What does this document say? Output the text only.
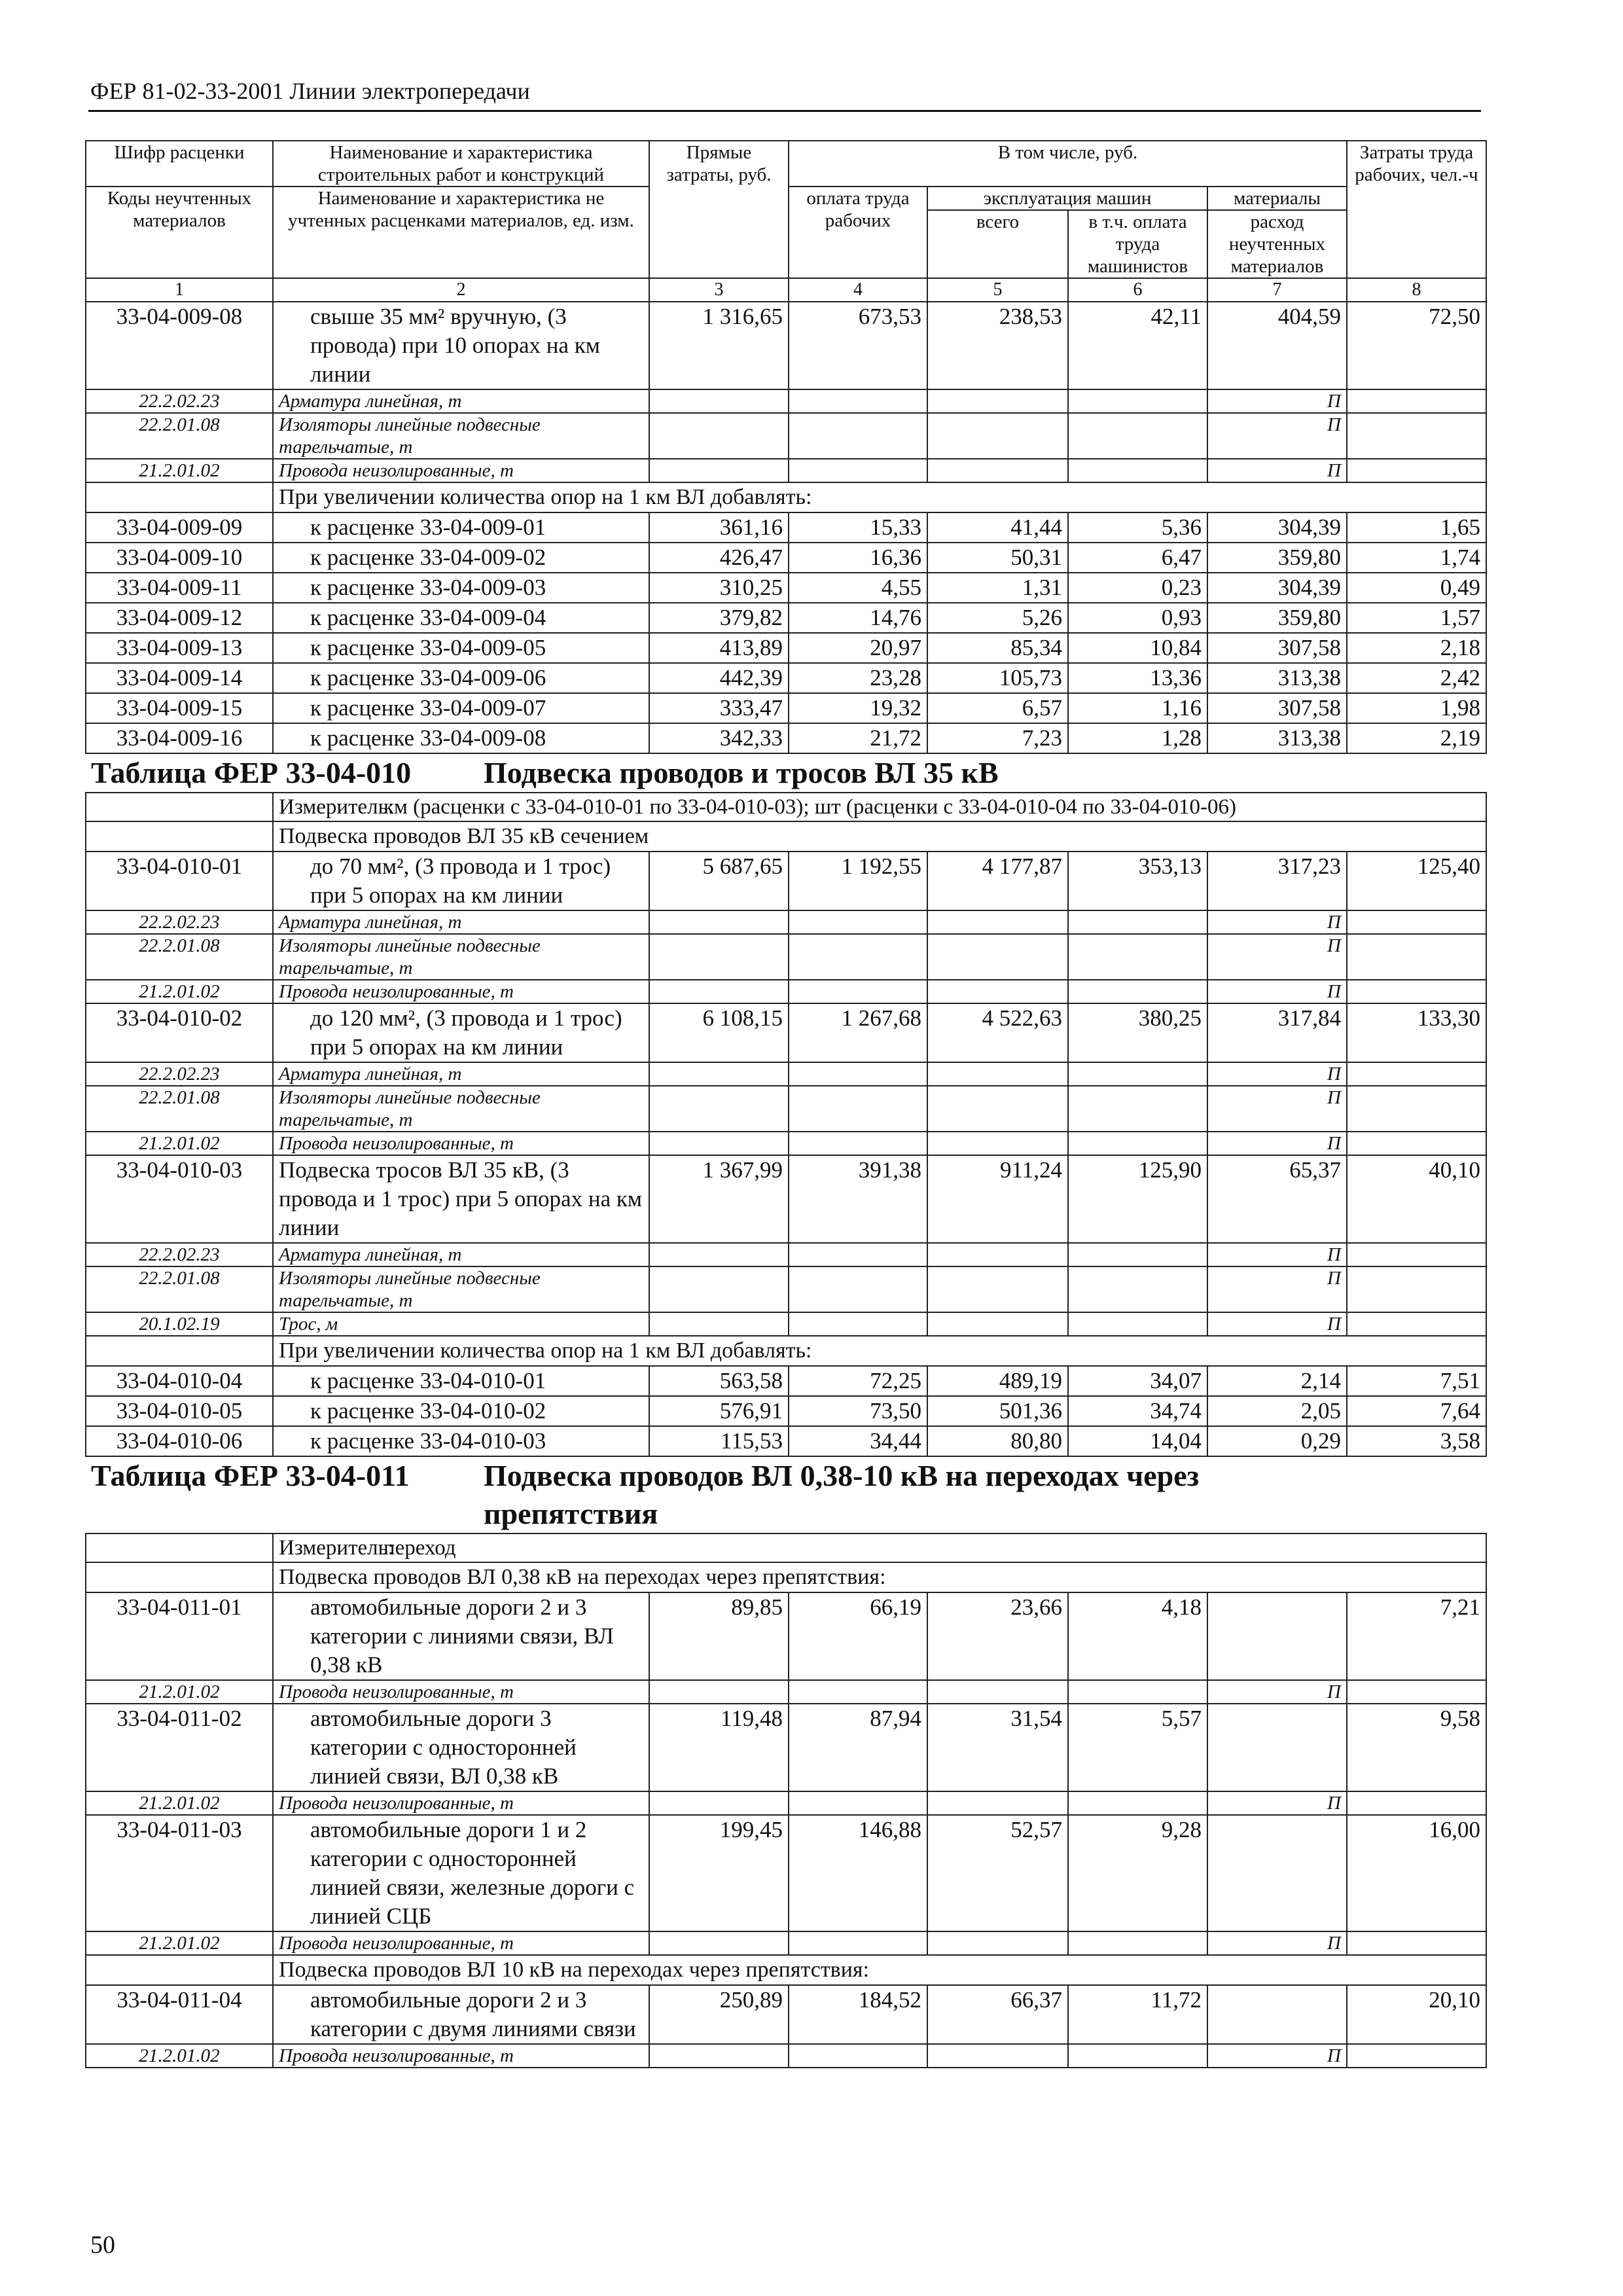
ФЕР 81-02-33-2001 Линии электропередачи
Шифр расценки	Наименование и характеристика строительных работ и конструкций	Прямые затраты, руб.	В том числе, руб.				Затраты труда рабочих, чел.-ч
Коды неучтенных материалов	Наименование и характеристика не учтенных расценками материалов, ед. изм.		оплата труда рабочих	эксплуатация машин		материалы	
				всего	в т.ч. оплата труда машинистов	расход неучтенных материалов	
1	2	3	4	5	6	7	8
33-04-009-08	свыше 35 мм² вручную, (3 провода) при 10 опорах на км линии	1 316,65	673,53	238,53	42,11	404,59	72,50
22.2.02.23	Арматура линейная, т					П	
22.2.01.08	Изоляторы линейные подвесные тарельчатые, т					П	
21.2.01.02	Провода неизолированные, т					П	
	При увеличении количества опор на 1 км ВЛ добавлять:						
33-04-009-09	к расценке 33-04-009-01	361,16	15,33	41,44	5,36	304,39	1,65
33-04-009-10	к расценке 33-04-009-02	426,47	16,36	50,31	6,47	359,80	1,74
33-04-009-11	к расценке 33-04-009-03	310,25	4,55	1,31	0,23	304,39	0,49
33-04-009-12	к расценке 33-04-009-04	379,82	14,76	5,26	0,93	359,80	1,57
33-04-009-13	к расценке 33-04-009-05	413,89	20,97	85,34	10,84	307,58	2,18
33-04-009-14	к расценке 33-04-009-06	442,39	23,28	105,73	13,36	313,38	2,42
33-04-009-15	к расценке 33-04-009-07	333,47	19,32	6,57	1,16	307,58	1,98
33-04-009-16	к расценке 33-04-009-08	342,33	21,72	7,23	1,28	313,38	2,19
Таблица ФЕР 33-04-010 Подвеска проводов и тросов ВЛ 35 кВ							

	Измеритель:км (расценки с 33-04-010-01 по 33-04-010-03); шт (расценки с 33-04-010-04 по 33-04-010-06)						
	Подвеска проводов ВЛ 35 кВ сечением						
33-04-010-01	до 70 мм², (3 провода и 1 трос) при 5 опорах на км линии	5 687,65	1 192,55	4 177,87	353,13	317,23	125,40
22.2.02.23	Арматура линейная, т					П	
22.2.01.08	Изоляторы линейные подвесные тарельчатые, т					П	
21.2.01.02	Провода неизолированные, т					П	
33-04-010-02	до 120 мм², (3 провода и 1 трос) при 5 опорах на км линии	6 108,15	1 267,68	4 522,63	380,25	317,84	133,30
22.2.02.23	Арматура линейная, т					П	
22.2.01.08	Изоляторы линейные подвесные тарельчатые, т					П	
21.2.01.02	Провода неизолированные, т					П	
33-04-010-03	Подвеска тросов ВЛ 35 кВ, (3 провода и 1 трос) при 5 опорах на км линии	1 367,99	391,38	911,24	125,90	65,37	40,10
22.2.02.23	Арматура линейная, т					П	
22.2.01.08	Изоляторы линейные подвесные тарельчатые, т					П	
20.1.02.19	Трос, м					П	
	При увеличении количества опор на 1 км ВЛ добавлять:						
33-04-010-04	к расценке 33-04-010-01	563,58	72,25	489,19	34,07	2,14	7,51
33-04-010-05	к расценке 33-04-010-02	576,91	73,50	501,36	34,74	2,05	7,64
33-04-010-06	к расценке 33-04-010-03	115,53	34,44	80,80	14,04	0,29	3,58
Таблица ФЕР 33-04-011 Подвеска проводов ВЛ 0,38-10 кВ на переходах через
препятствия							

	Измеритель:переход						
	Подвеска проводов ВЛ 0,38 кВ на переходах через препятствия:						
33-04-011-01	автомобильные дороги 2 и 3 категории с линиями связи, ВЛ 0,38 кВ	89,85	66,19	23,66	4,18		7,21
21.2.01.02	Провода неизолированные, т					П	
33-04-011-02	автомобильные дороги 3 категории с односторонней линией связи, ВЛ 0,38 кВ	119,48	87,94	31,54	5,57		9,58
21.2.01.02	Провода неизолированные, т					П	
33-04-011-03	автомобильные дороги 1 и 2 категории с односторонней линией связи, железные дороги с линией СЦБ	199,45	146,88	52,57	9,28		16,00
21.2.01.02	Провода неизолированные, т					П	
	Подвеска проводов ВЛ 10 кВ на переходах через препятствия:						
33-04-011-04	автомобильные дороги 2 и 3 категории с двумя линиями связи	250,89	184,52	66,37	11,72		20,10
21.2.01.02	Провода неизолированные, т					П	
50
